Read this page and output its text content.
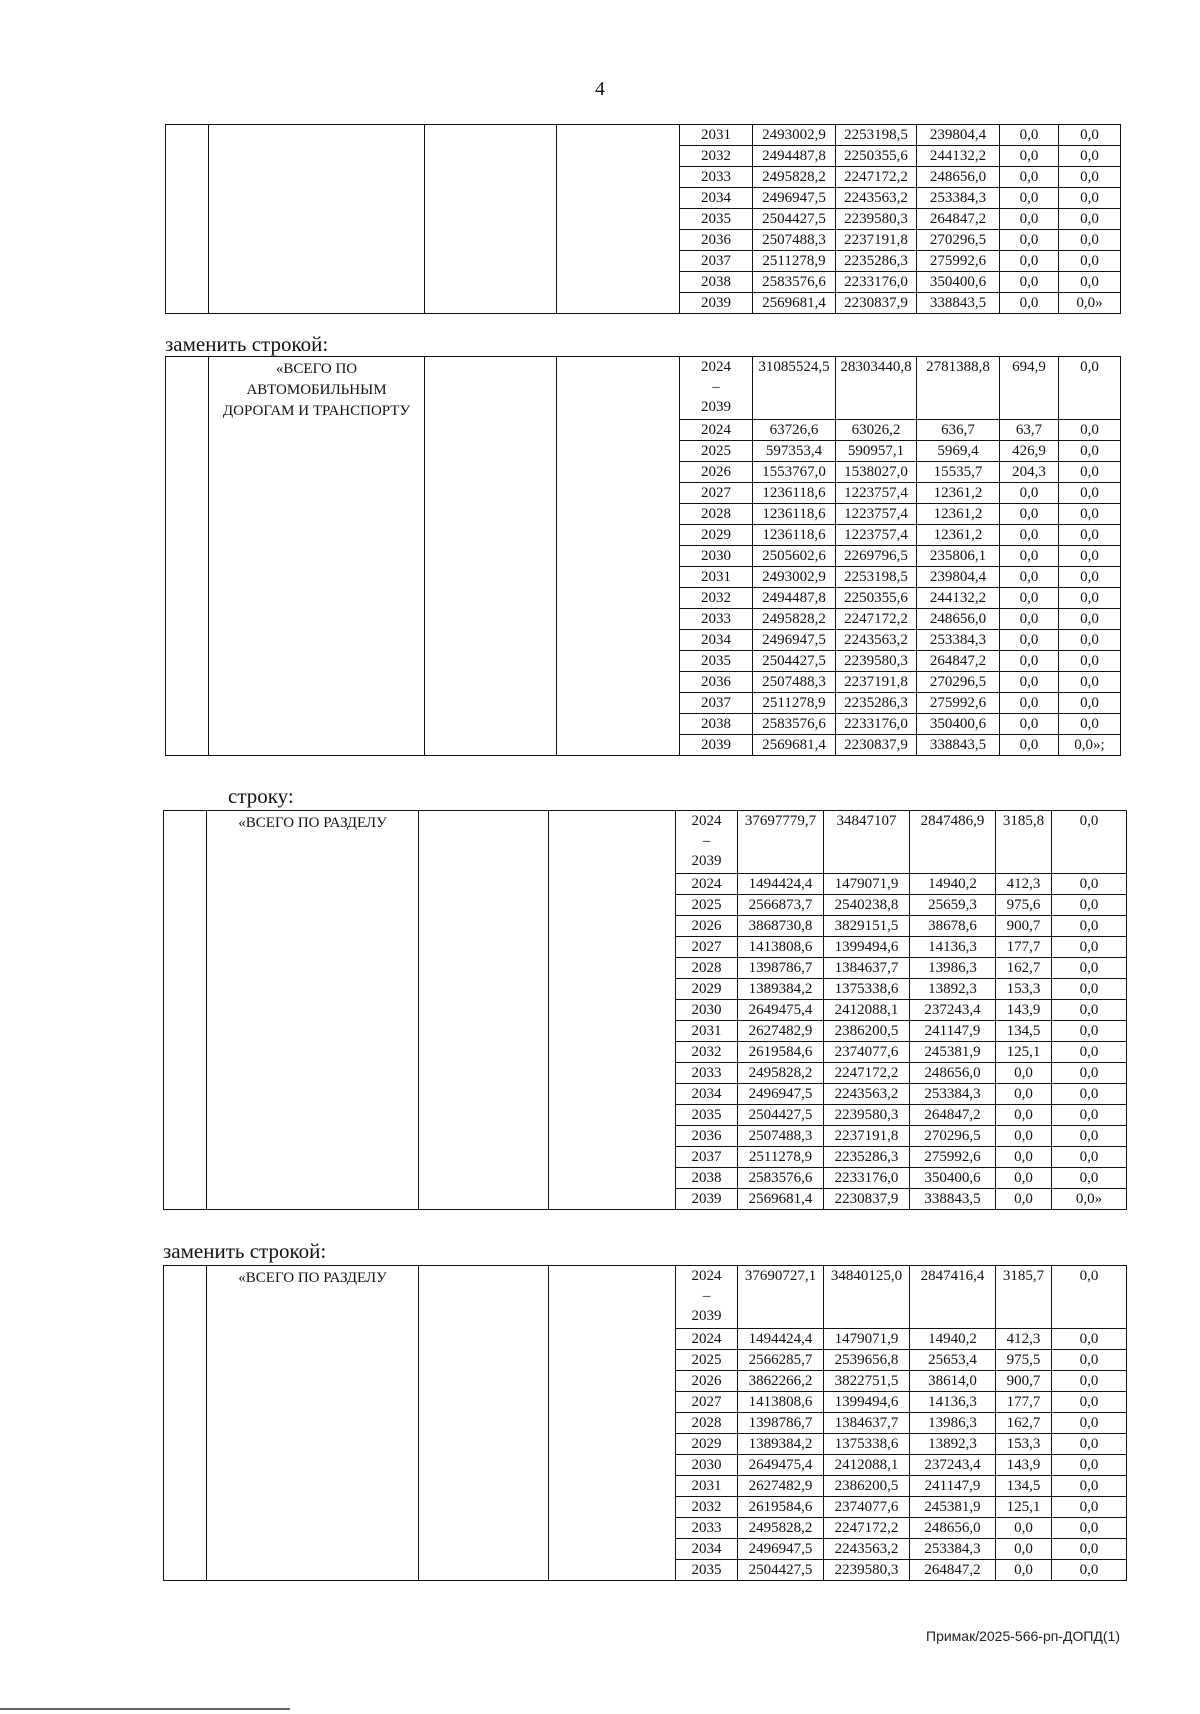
4
				2031	2493002,9	2253198,5	239804,4	0,0	0,0
				2032	2494487,8	2250355,6	244132,2	0,0	0,0
				2033	2495828,2	2247172,2	248656,0	0,0	0,0
				2034	2496947,5	2243563,2	253384,3	0,0	0,0
				2035	2504427,5	2239580,3	264847,2	0,0	0,0
				2036	2507488,3	2237191,8	270296,5	0,0	0,0
				2037	2511278,9	2235286,3	275992,6	0,0	0,0
				2038	2583576,6	2233176,0	350400,6	0,0	0,0
				2039	2569681,4	2230837,9	338843,5	0,0	0,0»
заменить строкой:
	«ВСЕГО ПО АВТОМОБИЛЬНЫМ ДОРОГАМ И ТРАНСПОРТУ			2024
–
2039	31085524,5	28303440,8	2781388,8	694,9	0,0
				2024	63726,6	63026,2	636,7	63,7	0,0
				2025	597353,4	590957,1	5969,4	426,9	0,0
				2026	1553767,0	1538027,0	15535,7	204,3	0,0
				2027	1236118,6	1223757,4	12361,2	0,0	0,0
				2028	1236118,6	1223757,4	12361,2	0,0	0,0
				2029	1236118,6	1223757,4	12361,2	0,0	0,0
				2030	2505602,6	2269796,5	235806,1	0,0	0,0
				2031	2493002,9	2253198,5	239804,4	0,0	0,0
				2032	2494487,8	2250355,6	244132,2	0,0	0,0
				2033	2495828,2	2247172,2	248656,0	0,0	0,0
				2034	2496947,5	2243563,2	253384,3	0,0	0,0
				2035	2504427,5	2239580,3	264847,2	0,0	0,0
				2036	2507488,3	2237191,8	270296,5	0,0	0,0
				2037	2511278,9	2235286,3	275992,6	0,0	0,0
				2038	2583576,6	2233176,0	350400,6	0,0	0,0
				2039	2569681,4	2230837,9	338843,5	0,0	0,0»;
строку:
	«ВСЕГО ПО РАЗДЕЛУ			2024
–
2039	37697779,7	34847107	2847486,9	3185,8	0,0
				2024	1494424,4	1479071,9	14940,2	412,3	0,0
				2025	2566873,7	2540238,8	25659,3	975,6	0,0
				2026	3868730,8	3829151,5	38678,6	900,7	0,0
				2027	1413808,6	1399494,6	14136,3	177,7	0,0
				2028	1398786,7	1384637,7	13986,3	162,7	0,0
				2029	1389384,2	1375338,6	13892,3	153,3	0,0
				2030	2649475,4	2412088,1	237243,4	143,9	0,0
				2031	2627482,9	2386200,5	241147,9	134,5	0,0
				2032	2619584,6	2374077,6	245381,9	125,1	0,0
				2033	2495828,2	2247172,2	248656,0	0,0	0,0
				2034	2496947,5	2243563,2	253384,3	0,0	0,0
				2035	2504427,5	2239580,3	264847,2	0,0	0,0
				2036	2507488,3	2237191,8	270296,5	0,0	0,0
				2037	2511278,9	2235286,3	275992,6	0,0	0,0
				2038	2583576,6	2233176,0	350400,6	0,0	0,0
				2039	2569681,4	2230837,9	338843,5	0,0	0,0»
заменить строкой:
	«ВСЕГО ПО РАЗДЕЛУ			2024
–
2039	37690727,1	34840125,0	2847416,4	3185,7	0,0
				2024	1494424,4	1479071,9	14940,2	412,3	0,0
				2025	2566285,7	2539656,8	25653,4	975,5	0,0
				2026	3862266,2	3822751,5	38614,0	900,7	0,0
				2027	1413808,6	1399494,6	14136,3	177,7	0,0
				2028	1398786,7	1384637,7	13986,3	162,7	0,0
				2029	1389384,2	1375338,6	13892,3	153,3	0,0
				2030	2649475,4	2412088,1	237243,4	143,9	0,0
				2031	2627482,9	2386200,5	241147,9	134,5	0,0
				2032	2619584,6	2374077,6	245381,9	125,1	0,0
				2033	2495828,2	2247172,2	248656,0	0,0	0,0
				2034	2496947,5	2243563,2	253384,3	0,0	0,0
				2035	2504427,5	2239580,3	264847,2	0,0	0,0
Примак/2025-566-рп-ДОПД(1)
